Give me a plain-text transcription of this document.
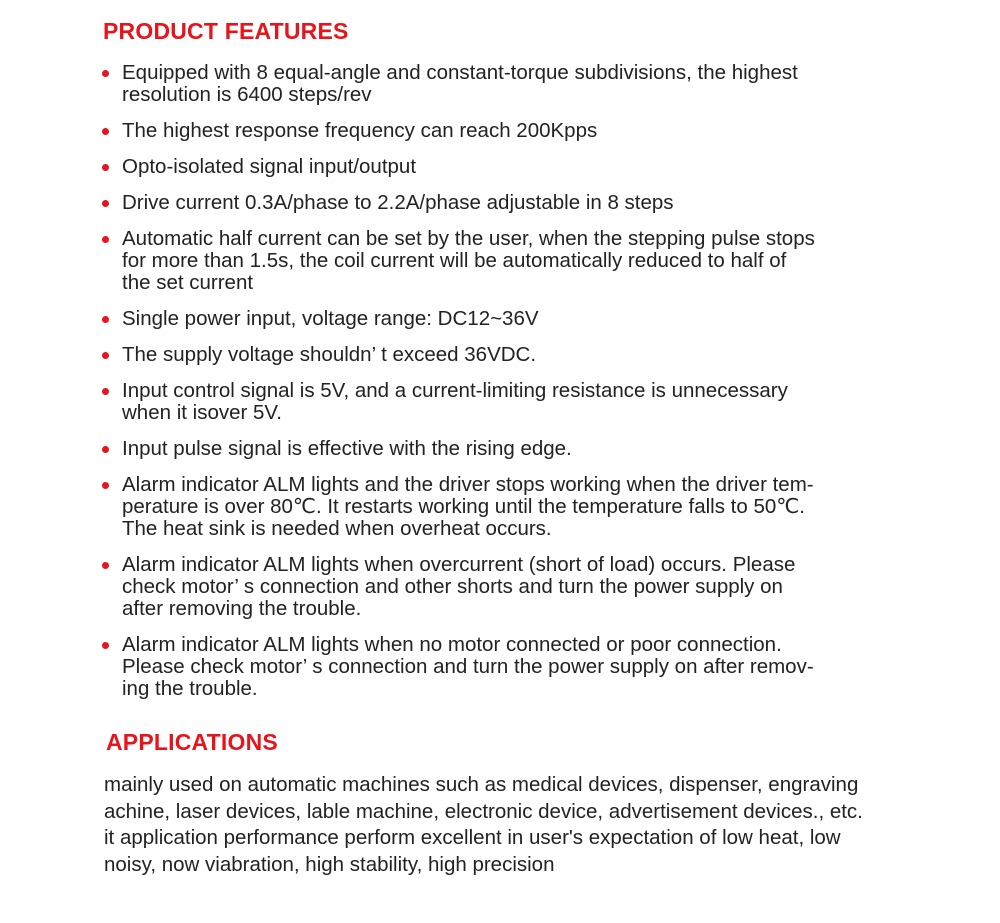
PRODUCT FEATURES
Equipped with 8 equal-angle and constant-torque subdivisions, the highest
resolution is 6400 steps/rev
The highest response frequency can reach 200Kpps
Opto-isolated signal input/output
Drive current 0.3A/phase to 2.2A/phase adjustable in 8 steps
Automatic half current can be set by the user, when the stepping pulse stops
for more than 1.5s, the coil current will be automatically reduced to half of
the set current
Single power input, voltage range: DC12~36V
The supply voltage shouldn’ t exceed 36VDC.
Input control signal is 5V, and a current-limiting resistance is unnecessary
when it isover 5V.
Input pulse signal is effective with the rising edge.
Alarm indicator ALM lights and the driver stops working when the driver tem-
perature is over 80℃. It restarts working until the temperature falls to 50℃.
The heat sink is needed when overheat occurs.
Alarm indicator ALM lights when overcurrent (short of load) occurs. Please
check motor’ s connection and other shorts and turn the power supply on
after removing the trouble.
Alarm indicator ALM lights when no motor connected or poor connection.
Please check motor’ s connection and turn the power supply on after remov-
ing the trouble.
APPLICATIONS

mainly used on automatic machines such as medical devices, dispenser, engraving
achine, laser devices, lable machine, electronic device, advertisement devices., etc.
it application performance perform excellent in user's expectation of low heat, low
noisy, now viabration, high stability, high precision
